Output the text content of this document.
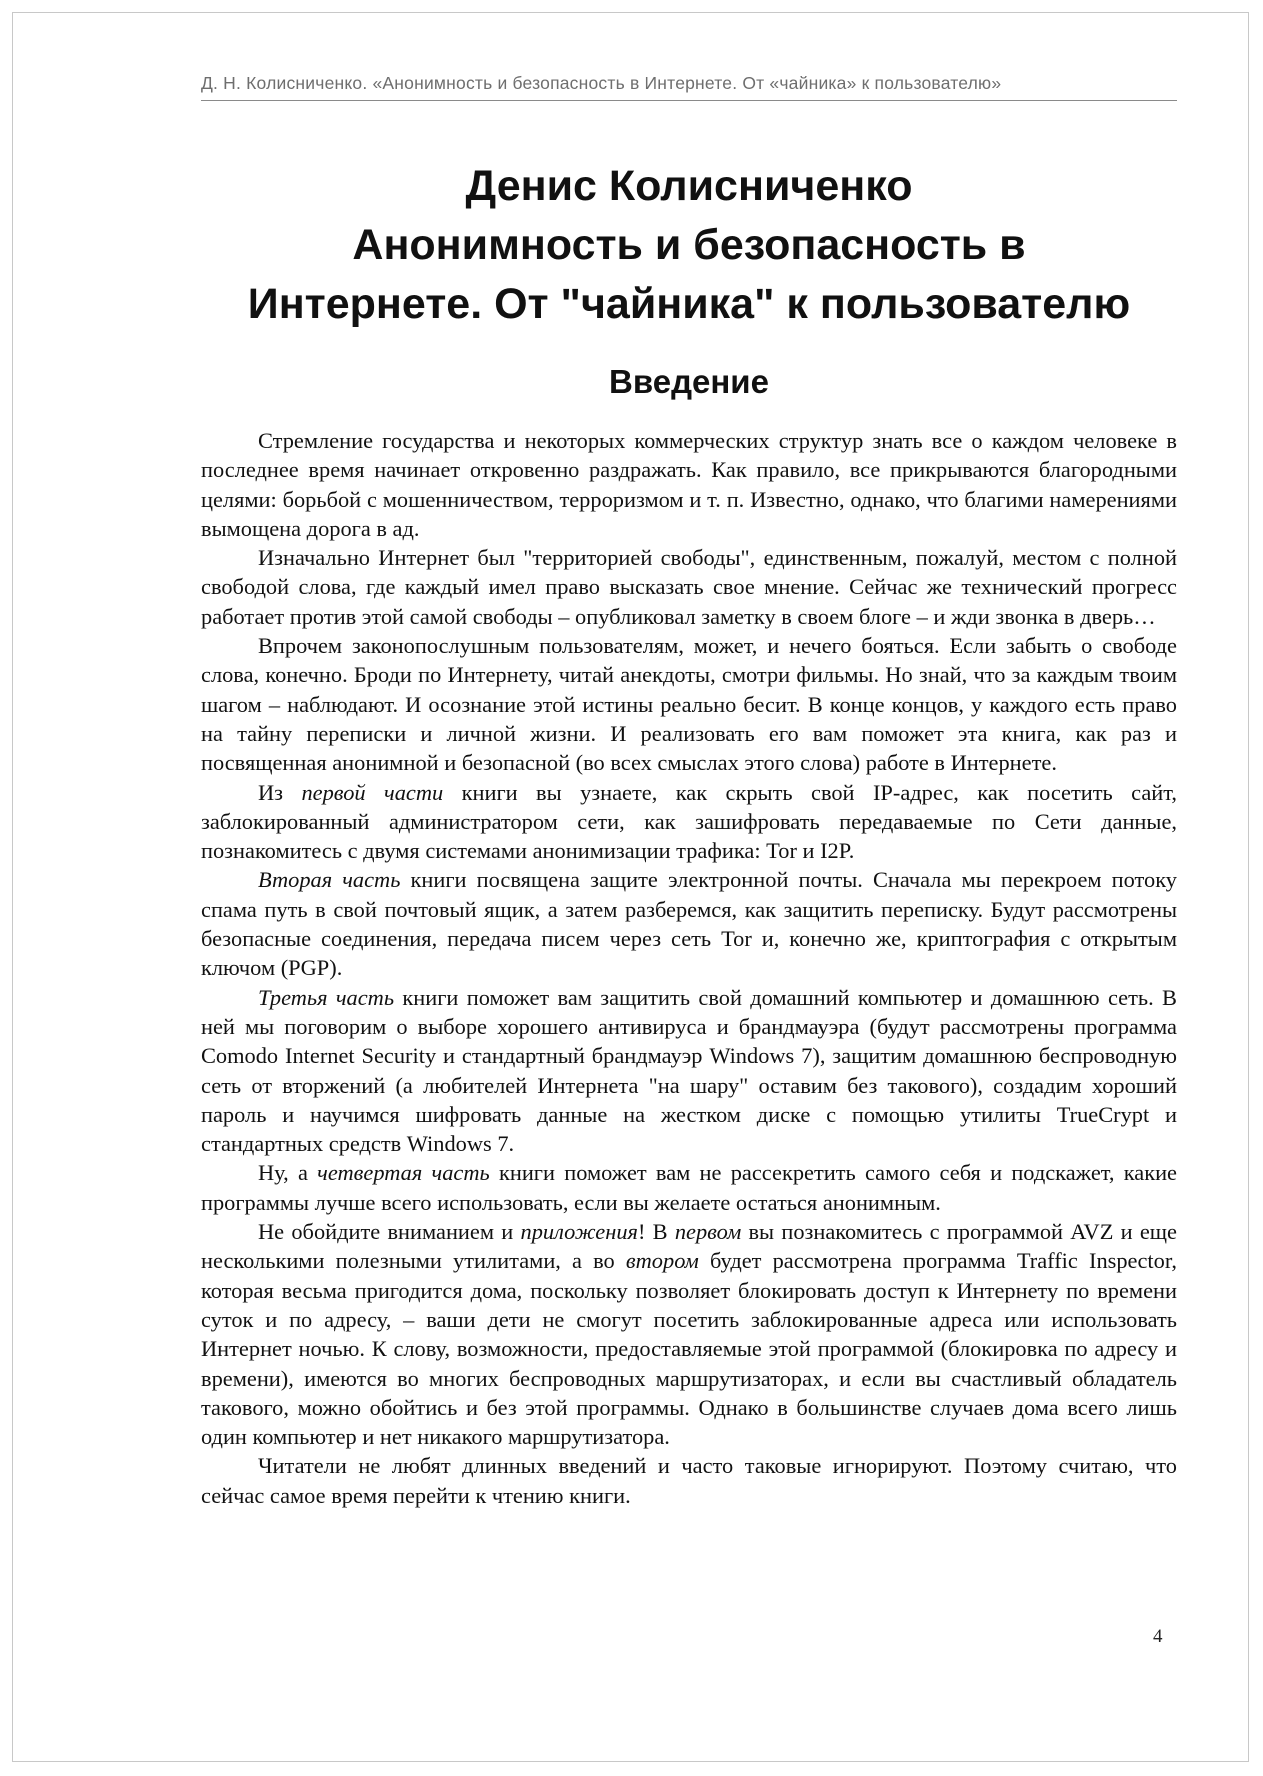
Д. Н. Колисниченко. «Анонимность и безопасность в Интернете. От «чайника» к пользователю»
Денис Колисниченко
Анонимность и безопасность в
Интернете. От "чайника" к пользователю
Введение

Стремление государства и некоторых коммерческих структур знать все о каждом человеке в последнее время начинает откровенно раздражать. Как правило, все прикрываются благородными целями: борьбой с мошенничеством, терроризмом и т. п. Известно, однако, что благими намерениями вымощена дорога в ад.

Изначально Интернет был "территорией свободы", единственным, пожалуй, местом с полной свободой слова, где каждый имел право высказать свое мнение. Сейчас же технический прогресс работает против этой самой свободы – опубликовал заметку в своем блоге – и жди звонка в дверь…

Впрочем законопослушным пользователям, может, и нечего бояться. Если забыть о свободе слова, конечно. Броди по Интернету, читай анекдоты, смотри фильмы. Но знай, что за каждым твоим шагом – наблюдают. И осознание этой истины реально бесит. В конце концов, у каждого есть право на тайну переписки и личной жизни. И реализовать его вам поможет эта книга, как раз и посвященная анонимной и безопасной (во всех смыслах этого слова) работе в Интернете.

Из первой части книги вы узнаете, как скрыть свой IP-адрес, как посетить сайт, заблокированный администратором сети, как зашифровать передаваемые по Сети данные, познакомитесь с двумя системами анонимизации трафика: Tor и I2P.

Вторая часть книги посвящена защите электронной почты. Сначала мы перекроем потоку спама путь в свой почтовый ящик, а затем разберемся, как защитить переписку. Будут рассмотрены безопасные соединения, передача писем через сеть Tor и, конечно же, криптография с открытым ключом (PGP).

Третья часть книги поможет вам защитить свой домашний компьютер и домашнюю сеть. В ней мы поговорим о выборе хорошего антивируса и брандмауэра (будут рассмотрены программа Comodo Internet Security и стандартный брандмауэр Windows 7), защитим домашнюю беспроводную сеть от вторжений (а любителей Интернета "на шару" оставим без такового), создадим хороший пароль и научимся шифровать данные на жестком диске с помощью утилиты TrueCrypt и стандартных средств Windows 7.

Ну, а четвертая часть книги поможет вам не рассекретить самого себя и подскажет, какие программы лучше всего использовать, если вы желаете остаться анонимным.

Не обойдите вниманием и приложения! В первом вы познакомитесь с программой AVZ и еще несколькими полезными утилитами, а во втором будет рассмотрена программа Traffic Inspector, которая весьма пригодится дома, поскольку позволяет блокировать доступ к Интернету по времени суток и по адресу, – ваши дети не смогут посетить заблокированные адреса или использовать Интернет ночью. К слову, возможности, предоставляемые этой программой (блокировка по адресу и времени), имеются во многих беспроводных маршрутизаторах, и если вы счастливый обладатель такового, можно обойтись и без этой программы. Однако в большинстве случаев дома всего лишь один компьютер и нет никакого маршрутизатора.

Читатели не любят длинных введений и часто таковые игнорируют. Поэтому считаю, что сейчас самое время перейти к чтению книги.

4
